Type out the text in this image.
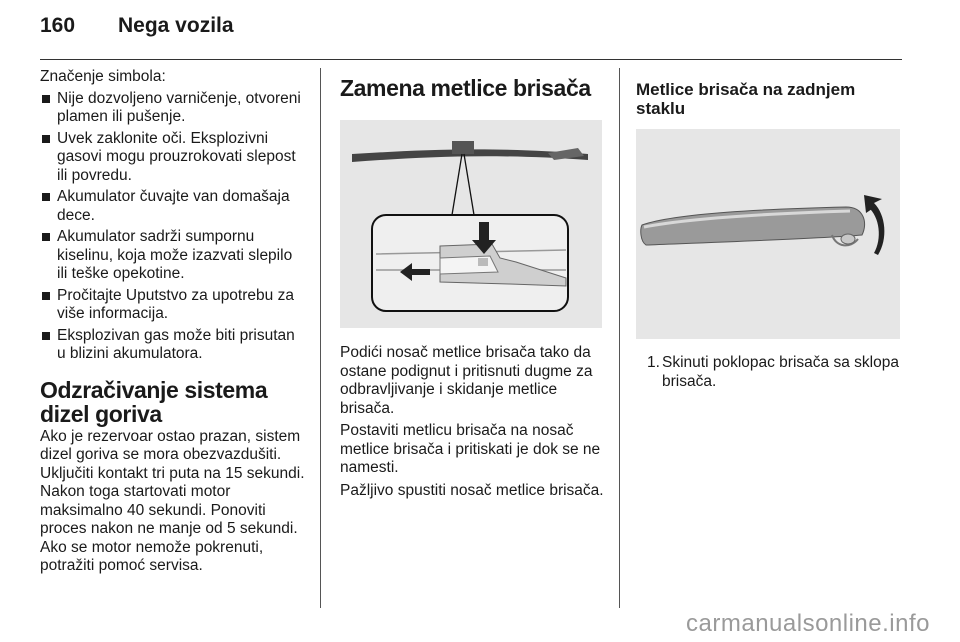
160 Nega vozila

Značenje simbola:

Nije dozvoljeno varničenje, otvoreni plamen ili pušenje.
Uvek zaklonite oči. Eksplozivni gasovi mogu prouzrokovati slepost ili povredu.
Akumulator čuvajte van domašaja dece.
Akumulator sadrži sumpornu kiselinu, koja može izazvati slepilo ili teške opekotine.
Pročitajte Uputstvo za upotrebu za više informacija.
Eksplozivan gas može biti prisutan u blizini akumulatora.
Odzračivanje sistema dizel goriva

Ako je rezervoar ostao prazan, sistem dizel goriva se mora obezvazdušiti. Uključiti kontakt tri puta na 15 sekundi. Nakon toga startovati motor maksimalno 40 sekundi. Ponoviti proces nakon ne manje od 5 sekundi. Ako se motor nemože pokrenuti, potražiti pomoć servisa.

Zamena metlice brisača

Podići nosač metlice brisača tako da ostane podignut i pritisnuti dugme za odbravljivanje i skidanje metlice brisača.

Postaviti metlicu brisača na nosač metlice brisača i pritiskati je dok se ne namesti.

Pažljivo spustiti nosač metlice brisača.

Metlice brisača na zadnjem staklu
1. Skinuti poklopac brisača sa sklopa brisača.
carmanualsonline.info
